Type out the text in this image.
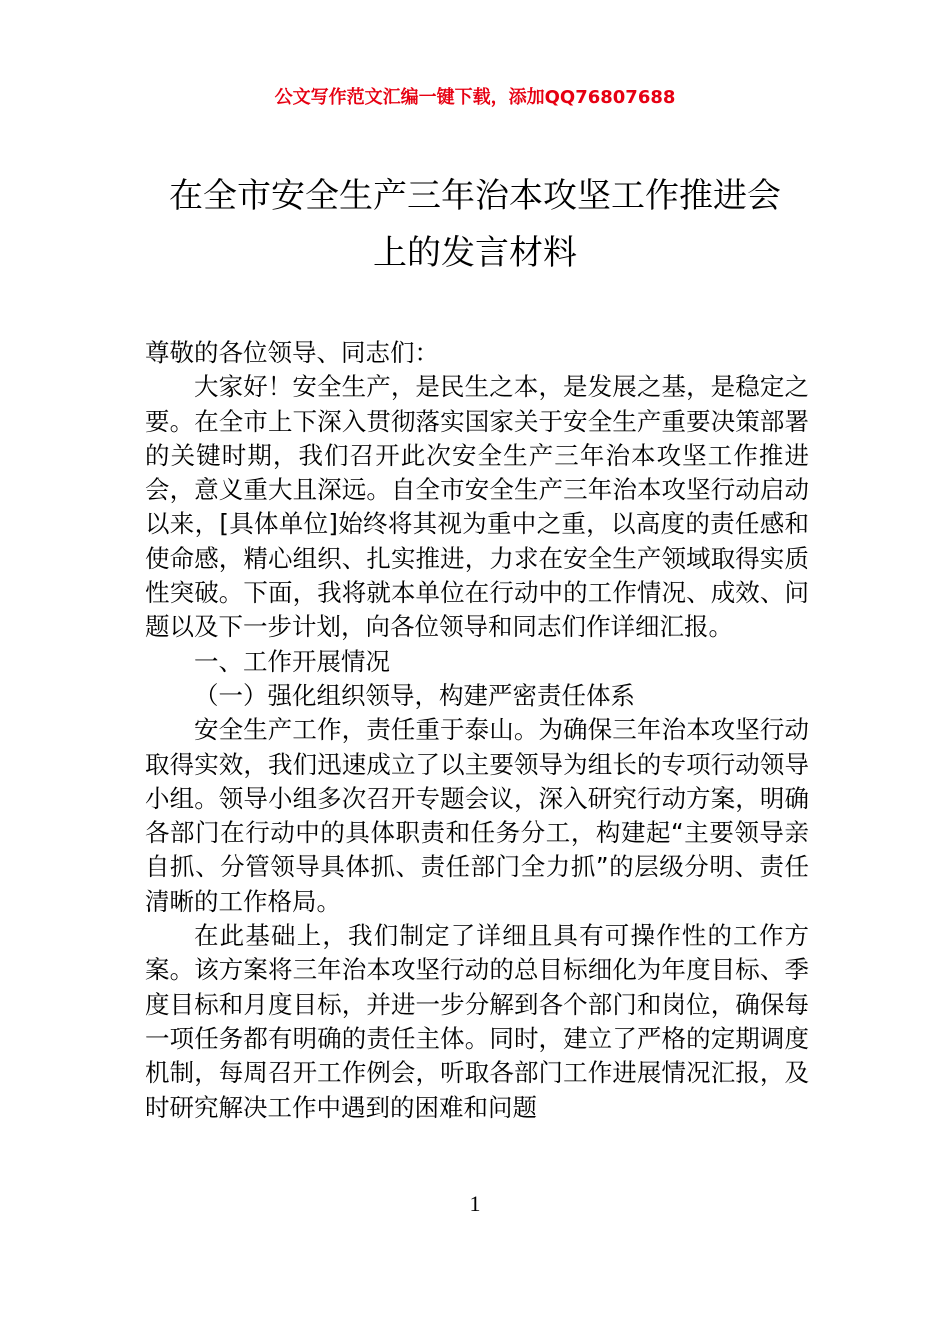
公文写作范文汇编一键下载，添加QQ76807688
在全市安全生产三年治本攻坚工作推进会
上的发言材料

尊敬的各位领导、同志们：

大家好！安全生产，是民生之本，是发展之基，是稳定之要。在全市上下深入贯彻落实国家关于安全生产重要决策部署的关键时期，我们召开此次安全生产三年治本攻坚工作推进会，意义重大且深远。自全市安全生产三年治本攻坚行动启动以来，[具体单位]始终将其视为重中之重，以高度的责任感和使命感，精心组织、扎实推进，力求在安全生产领域取得实质性突破。下面，我将就本单位在行动中的工作情况、成效、问题以及下一步计划，向各位领导和同志们作详细汇报。

一、工作开展情况

（一）强化组织领导，构建严密责任体系

安全生产工作，责任重于泰山。为确保三年治本攻坚行动取得实效，我们迅速成立了以主要领导为组长的专项行动领导小组。领导小组多次召开专题会议，深入研究行动方案，明确各部门在行动中的具体职责和任务分工，构建起“主要领导亲自抓、分管领导具体抓、责任部门全力抓”的层级分明、责任清晰的工作格局。

在此基础上，我们制定了详细且具有可操作性的工作方案。该方案将三年治本攻坚行动的总目标细化为年度目标、季度目标和月度目标，并进一步分解到各个部门和岗位，确保每一项任务都有明确的责任主体。同时，建立了严格的定期调度机制，每周召开工作例会，听取各部门工作进展情况汇报，及时研究解决工作中遇到的困难和问题

1
